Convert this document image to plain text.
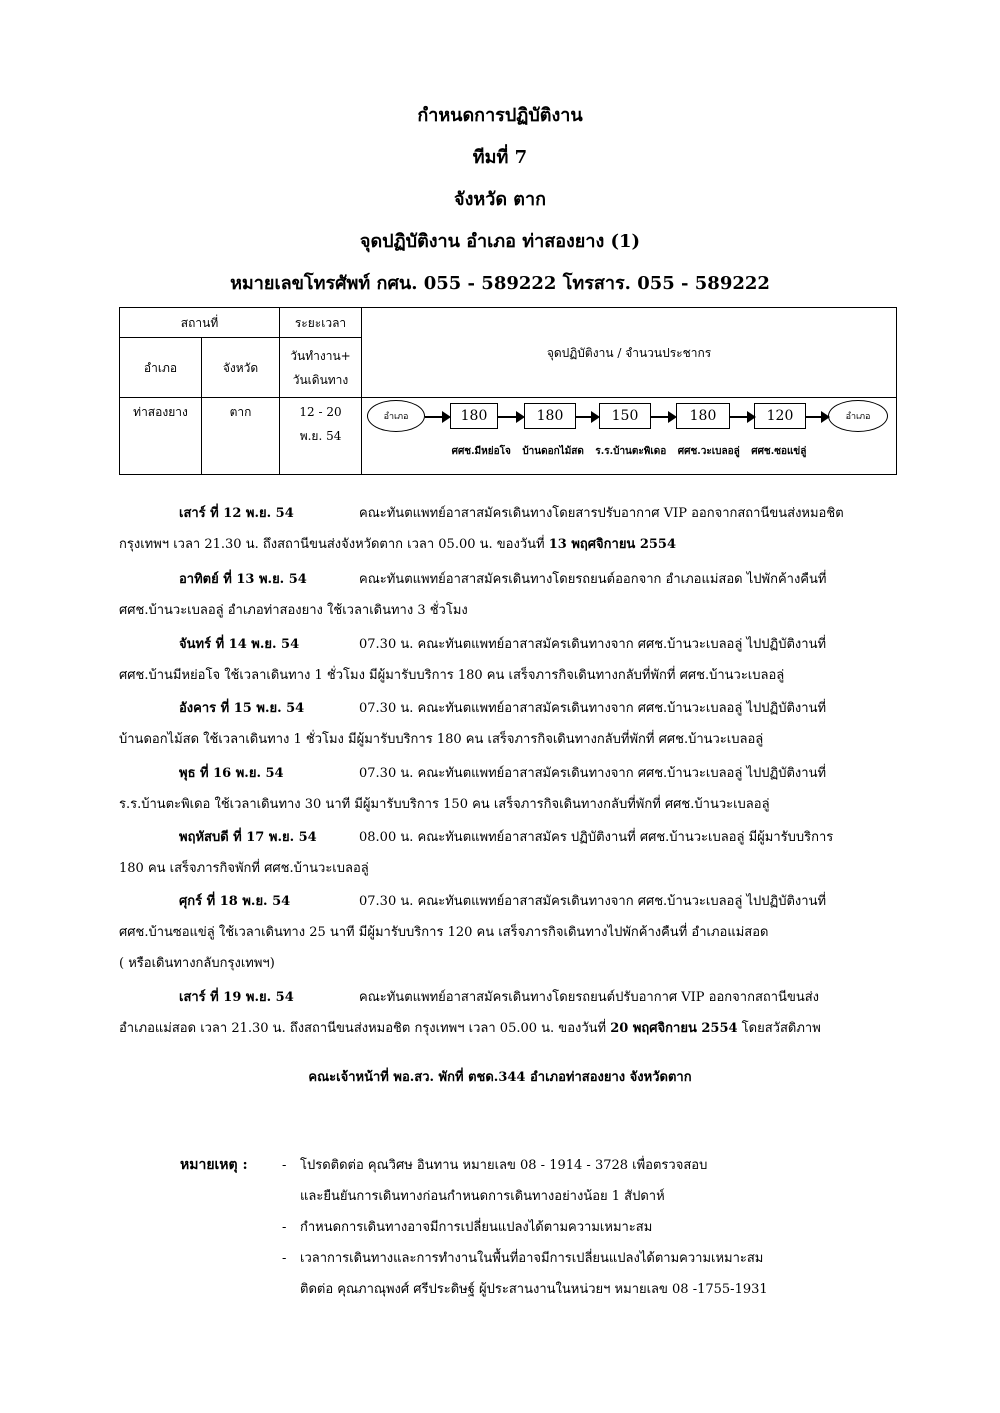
กำหนดการปฏิบัติงาน
ทีมที่ 7
จังหวัด ตาก
จุดปฏิบัติงาน อำเภอ ท่าสองยาง (1)
หมายเลขโทรศัพท์ กศน. 055 - 589222 โทรสาร. 055 - 589222
สถานที่		ระยะเวลา	จุดปฏิบัติงาน / จำนวนประชากร
อำเภอ	จังหวัด	วันทำงาน+
วันเดินทาง	

ท่าสองยาง	ตาก	12 - 20
พ.ย. 54	

อำเภอ	180	180	150	180	120	อำเภอ
ศศช.มีหย่อโจ บ้านดอกไม้สด ร.ร.บ้านตะพิเดอ ศศช.วะเบลอลู่ ศศช.ซอแข่ลู่
เสาร์ ที่ 12 พ.ย. 54	คณะทันตแพทย์อาสาสมัครเดินทางโดยสารปรับอากาศ VIP ออกจากสถานีขนส่งหมอชิต
กรุงเทพฯ เวลา 21.30 น. ถึงสถานีขนส่งจังหวัดตาก เวลา 05.00 น. ของวันที่ 13 พฤศจิกายน 2554
อาทิตย์ ที่ 13 พ.ย. 54	คณะทันตแพทย์อาสาสมัครเดินทางโดยรถยนต์ออกจาก อำเภอแม่สอด ไปพักค้างคืนที่
ศศช.บ้านวะเบลอลู่ อำเภอท่าสองยาง ใช้เวลาเดินทาง 3 ชั่วโมง
จันทร์ ที่ 14 พ.ย. 54	07.30 น. คณะทันตแพทย์อาสาสมัครเดินทางจาก ศศช.บ้านวะเบลอลู่ ไปปฏิบัติงานที่
ศศช.บ้านมีหย่อโจ ใช้เวลาเดินทาง 1 ชั่วโมง มีผู้มารับบริการ 180 คน เสร็จภารกิจเดินทางกลับที่พักที่ ศศช.บ้านวะเบลอลู่
อังคาร ที่ 15 พ.ย. 54	07.30 น. คณะทันตแพทย์อาสาสมัครเดินทางจาก ศศช.บ้านวะเบลอลู่ ไปปฏิบัติงานที่
บ้านดอกไม้สด ใช้เวลาเดินทาง 1 ชั่วโมง มีผู้มารับบริการ 180 คน เสร็จภารกิจเดินทางกลับที่พักที่ ศศช.บ้านวะเบลอลู่
พุธ ที่ 16 พ.ย. 54	07.30 น. คณะทันตแพทย์อาสาสมัครเดินทางจาก ศศช.บ้านวะเบลอลู่ ไปปฏิบัติงานที่
ร.ร.บ้านตะพิเดอ ใช้เวลาเดินทาง 30 นาที มีผู้มารับบริการ 150 คน เสร็จภารกิจเดินทางกลับที่พักที่ ศศช.บ้านวะเบลอลู่
พฤหัสบดี ที่ 17 พ.ย. 54	08.00 น. คณะทันตแพทย์อาสาสมัคร ปฏิบัติงานที่ ศศช.บ้านวะเบลอลู่ มีผู้มารับบริการ
180 คน เสร็จภารกิจพักที่ ศศช.บ้านวะเบลอลู่
ศุกร์ ที่ 18 พ.ย. 54	07.30 น. คณะทันตแพทย์อาสาสมัครเดินทางจาก ศศช.บ้านวะเบลอลู่ ไปปฏิบัติงานที่
ศศช.บ้านซอแข่ลู่ ใช้เวลาเดินทาง 25 นาที มีผู้มารับบริการ 120 คน เสร็จภารกิจเดินทางไปพักค้างคืนที่ อำเภอแม่สอด
( หรือเดินทางกลับกรุงเทพฯ)
เสาร์ ที่ 19 พ.ย. 54	คณะทันตแพทย์อาสาสมัครเดินทางโดยรถยนต์ปรับอากาศ VIP ออกจากสถานีขนส่ง
อำเภอแม่สอด เวลา 21.30 น. ถึงสถานีขนส่งหมอชิต กรุงเทพฯ เวลา 05.00 น. ของวันที่ 20 พฤศจิกายน 2554 โดยสวัสดิภาพ
คณะเจ้าหน้าที่ พอ.สว. พักที่ ตชด.344 อำเภอท่าสองยาง จังหวัดตาก
หมายเหตุ :	- โปรดติดต่อ คุณวิศษ อินทาน หมายเลข 08 - 1914 - 3728 เพื่อตรวจสอบ
และยืนยันการเดินทางก่อนกำหนดการเดินทางอย่างน้อย 1 สัปดาห์
- กำหนดการเดินทางอาจมีการเปลี่ยนแปลงได้ตามความเหมาะสม
- เวลาการเดินทางและการทำงานในพื้นที่อาจมีการเปลี่ยนแปลงได้ตามความเหมาะสม
ติดต่อ คุณภาณุพงศ์ ศรีประดิษฐ์ ผู้ประสานงานในหน่วยฯ หมายเลข 08 -1755-1931
